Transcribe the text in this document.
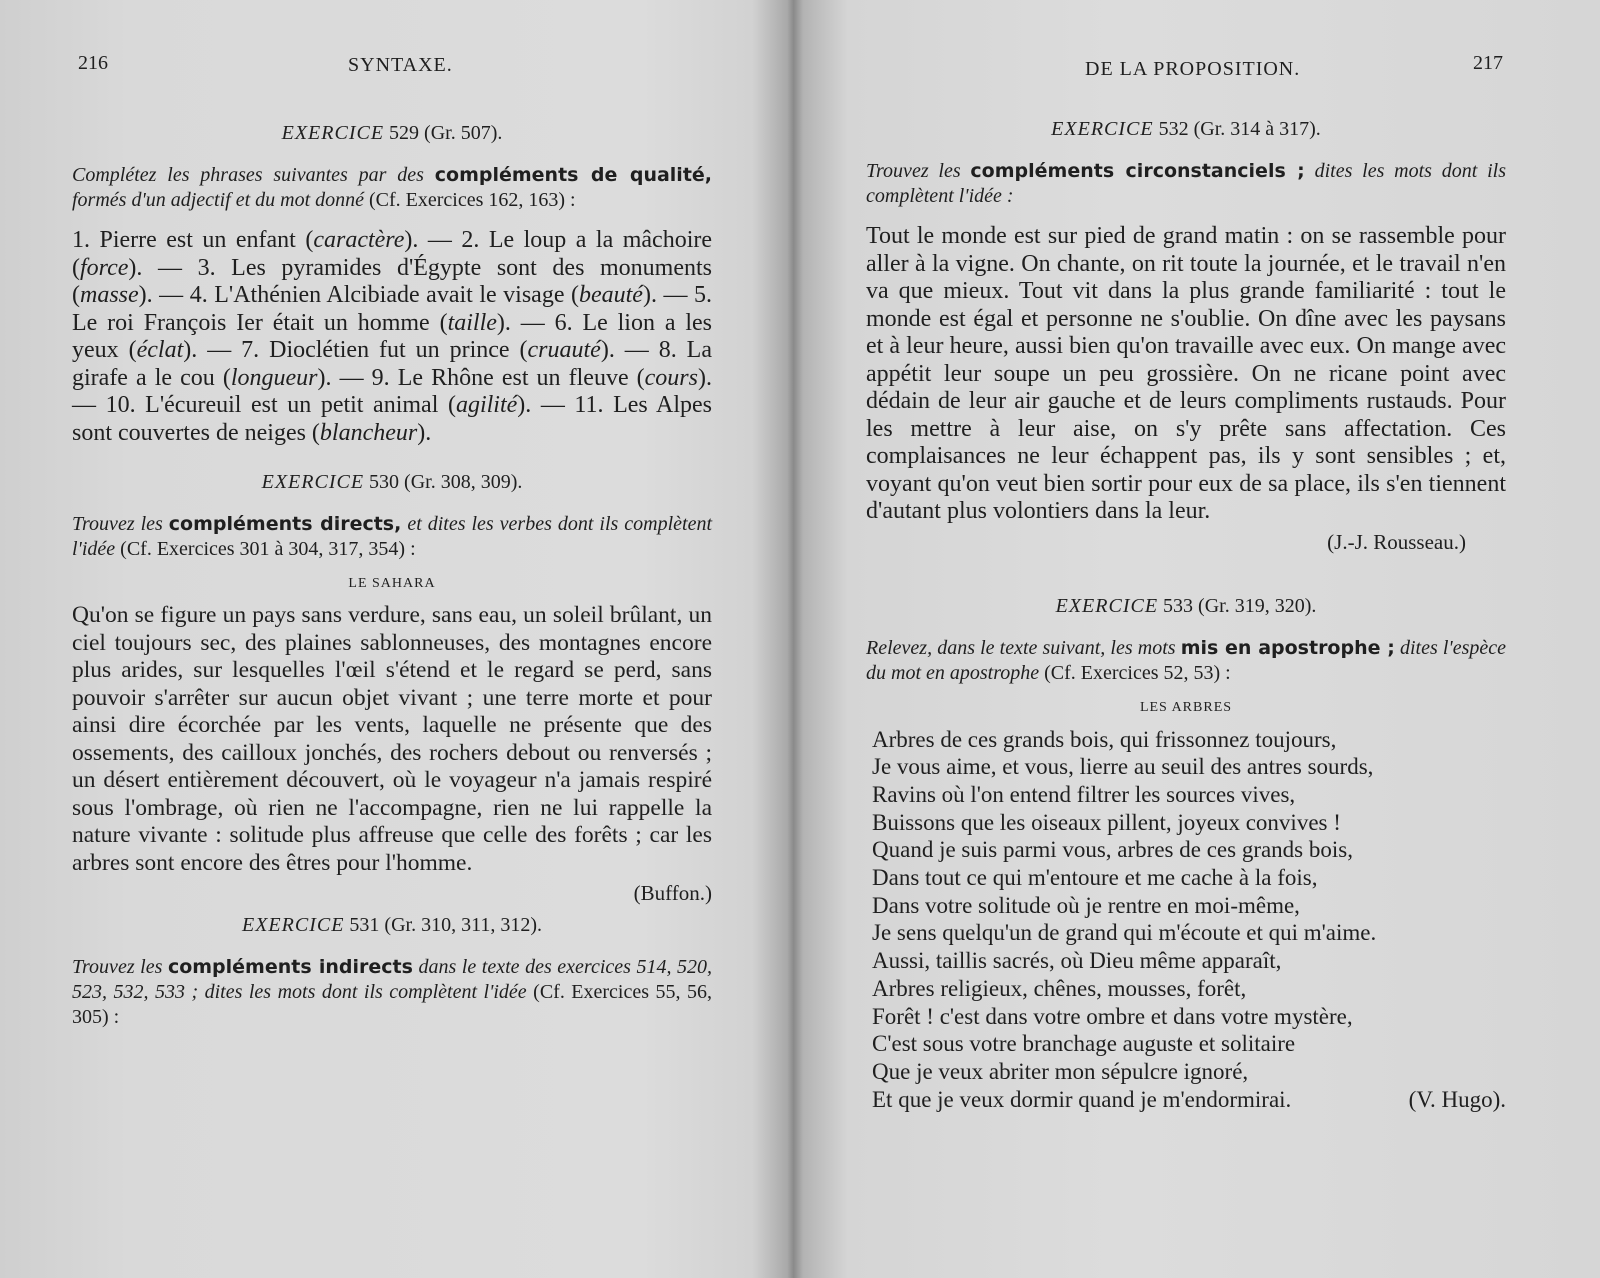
216	SYNTAXE.
EXERCICE 529 (Gr. 507).

Complétez les phrases suivantes par des compléments de qualité, formés d'un adjectif et du mot donné (Cf. Exercices 162, 163) :

1. Pierre est un enfant (caractère). — 2. Le loup a la mâchoire (force). — 3. Les pyramides d'Égypte sont des monuments (masse). — 4. L'Athénien Alcibiade avait le visage (beauté). — 5. Le roi François Ier était un homme (taille). — 6. Le lion a les yeux (éclat). — 7. Dioclétien fut un prince (cruauté). — 8. La girafe a le cou (longueur). — 9. Le Rhône est un fleuve (cours). — 10. L'écureuil est un petit animal (agilité). — 11. Les Alpes sont couvertes de neiges (blancheur).

EXERCICE 530 (Gr. 308, 309).

Trouvez les compléments directs, et dites les verbes dont ils complètent l'idée (Cf. Exercices 301 à 304, 317, 354) :

LE SAHARA

Qu'on se figure un pays sans verdure, sans eau, un soleil brûlant, un ciel toujours sec, des plaines sablonneuses, des montagnes encore plus arides, sur lesquelles l'œil s'étend et le regard se perd, sans pouvoir s'arrêter sur aucun objet vivant ; une terre morte et pour ainsi dire écorchée par les vents, laquelle ne présente que des ossements, des cailloux jonchés, des rochers debout ou renversés ; un désert entièrement découvert, où le voyageur n'a jamais respiré sous l'ombrage, où rien ne l'accompagne, rien ne lui rappelle la nature vivante : solitude plus affreuse que celle des forêts ; car les arbres sont encore des êtres pour l'homme.

(Buffon.)
EXERCICE 531 (Gr. 310, 311, 312).

Trouvez les compléments indirects dans le texte des exercices 514, 520, 523, 532, 533 ; dites les mots dont ils complètent l'idée (Cf. Exercices 55, 56, 305) :

DE LA PROPOSITION.	217
EXERCICE 532 (Gr. 314 à 317).

Trouvez les compléments circonstanciels ; dites les mots dont ils complètent l'idée :

Tout le monde est sur pied de grand matin : on se rassemble pour aller à la vigne. On chante, on rit toute la journée, et le travail n'en va que mieux. Tout vit dans la plus grande familiarité : tout le monde est égal et personne ne s'oublie. On dîne avec les paysans et à leur heure, aussi bien qu'on travaille avec eux. On mange avec appétit leur soupe un peu grossière. On ne ricane point avec dédain de leur air gauche et de leurs compliments rustauds. Pour les mettre à leur aise, on s'y prête sans affectation. Ces complaisances ne leur échappent pas, ils y sont sensibles ; et, voyant qu'on veut bien sortir pour eux de sa place, ils s'en tiennent d'autant plus volontiers dans la leur.

(J.-J. Rousseau.)
EXERCICE 533 (Gr. 319, 320).

Relevez, dans le texte suivant, les mots mis en apostrophe ; dites l'espèce du mot en apostrophe (Cf. Exercices 52, 53) :

LES ARBRES
Arbres de ces grands bois, qui frissonnez toujours,
Je vous aime, et vous, lierre au seuil des antres sourds,
Ravins où l'on entend filtrer les sources vives,
Buissons que les oiseaux pillent, joyeux convives !
Quand je suis parmi vous, arbres de ces grands bois,
Dans tout ce qui m'entoure et me cache à la fois,
Dans votre solitude où je rentre en moi-même,
Je sens quelqu'un de grand qui m'écoute et qui m'aime.
Aussi, taillis sacrés, où Dieu même apparaît,
Arbres religieux, chênes, mousses, forêt,
Forêt ! c'est dans votre ombre et dans votre mystère,
C'est sous votre branchage auguste et solitaire
Que je veux abriter mon sépulcre ignoré,
Et que je veux dormir quand je m'endormirai.	(V. Hugo).
